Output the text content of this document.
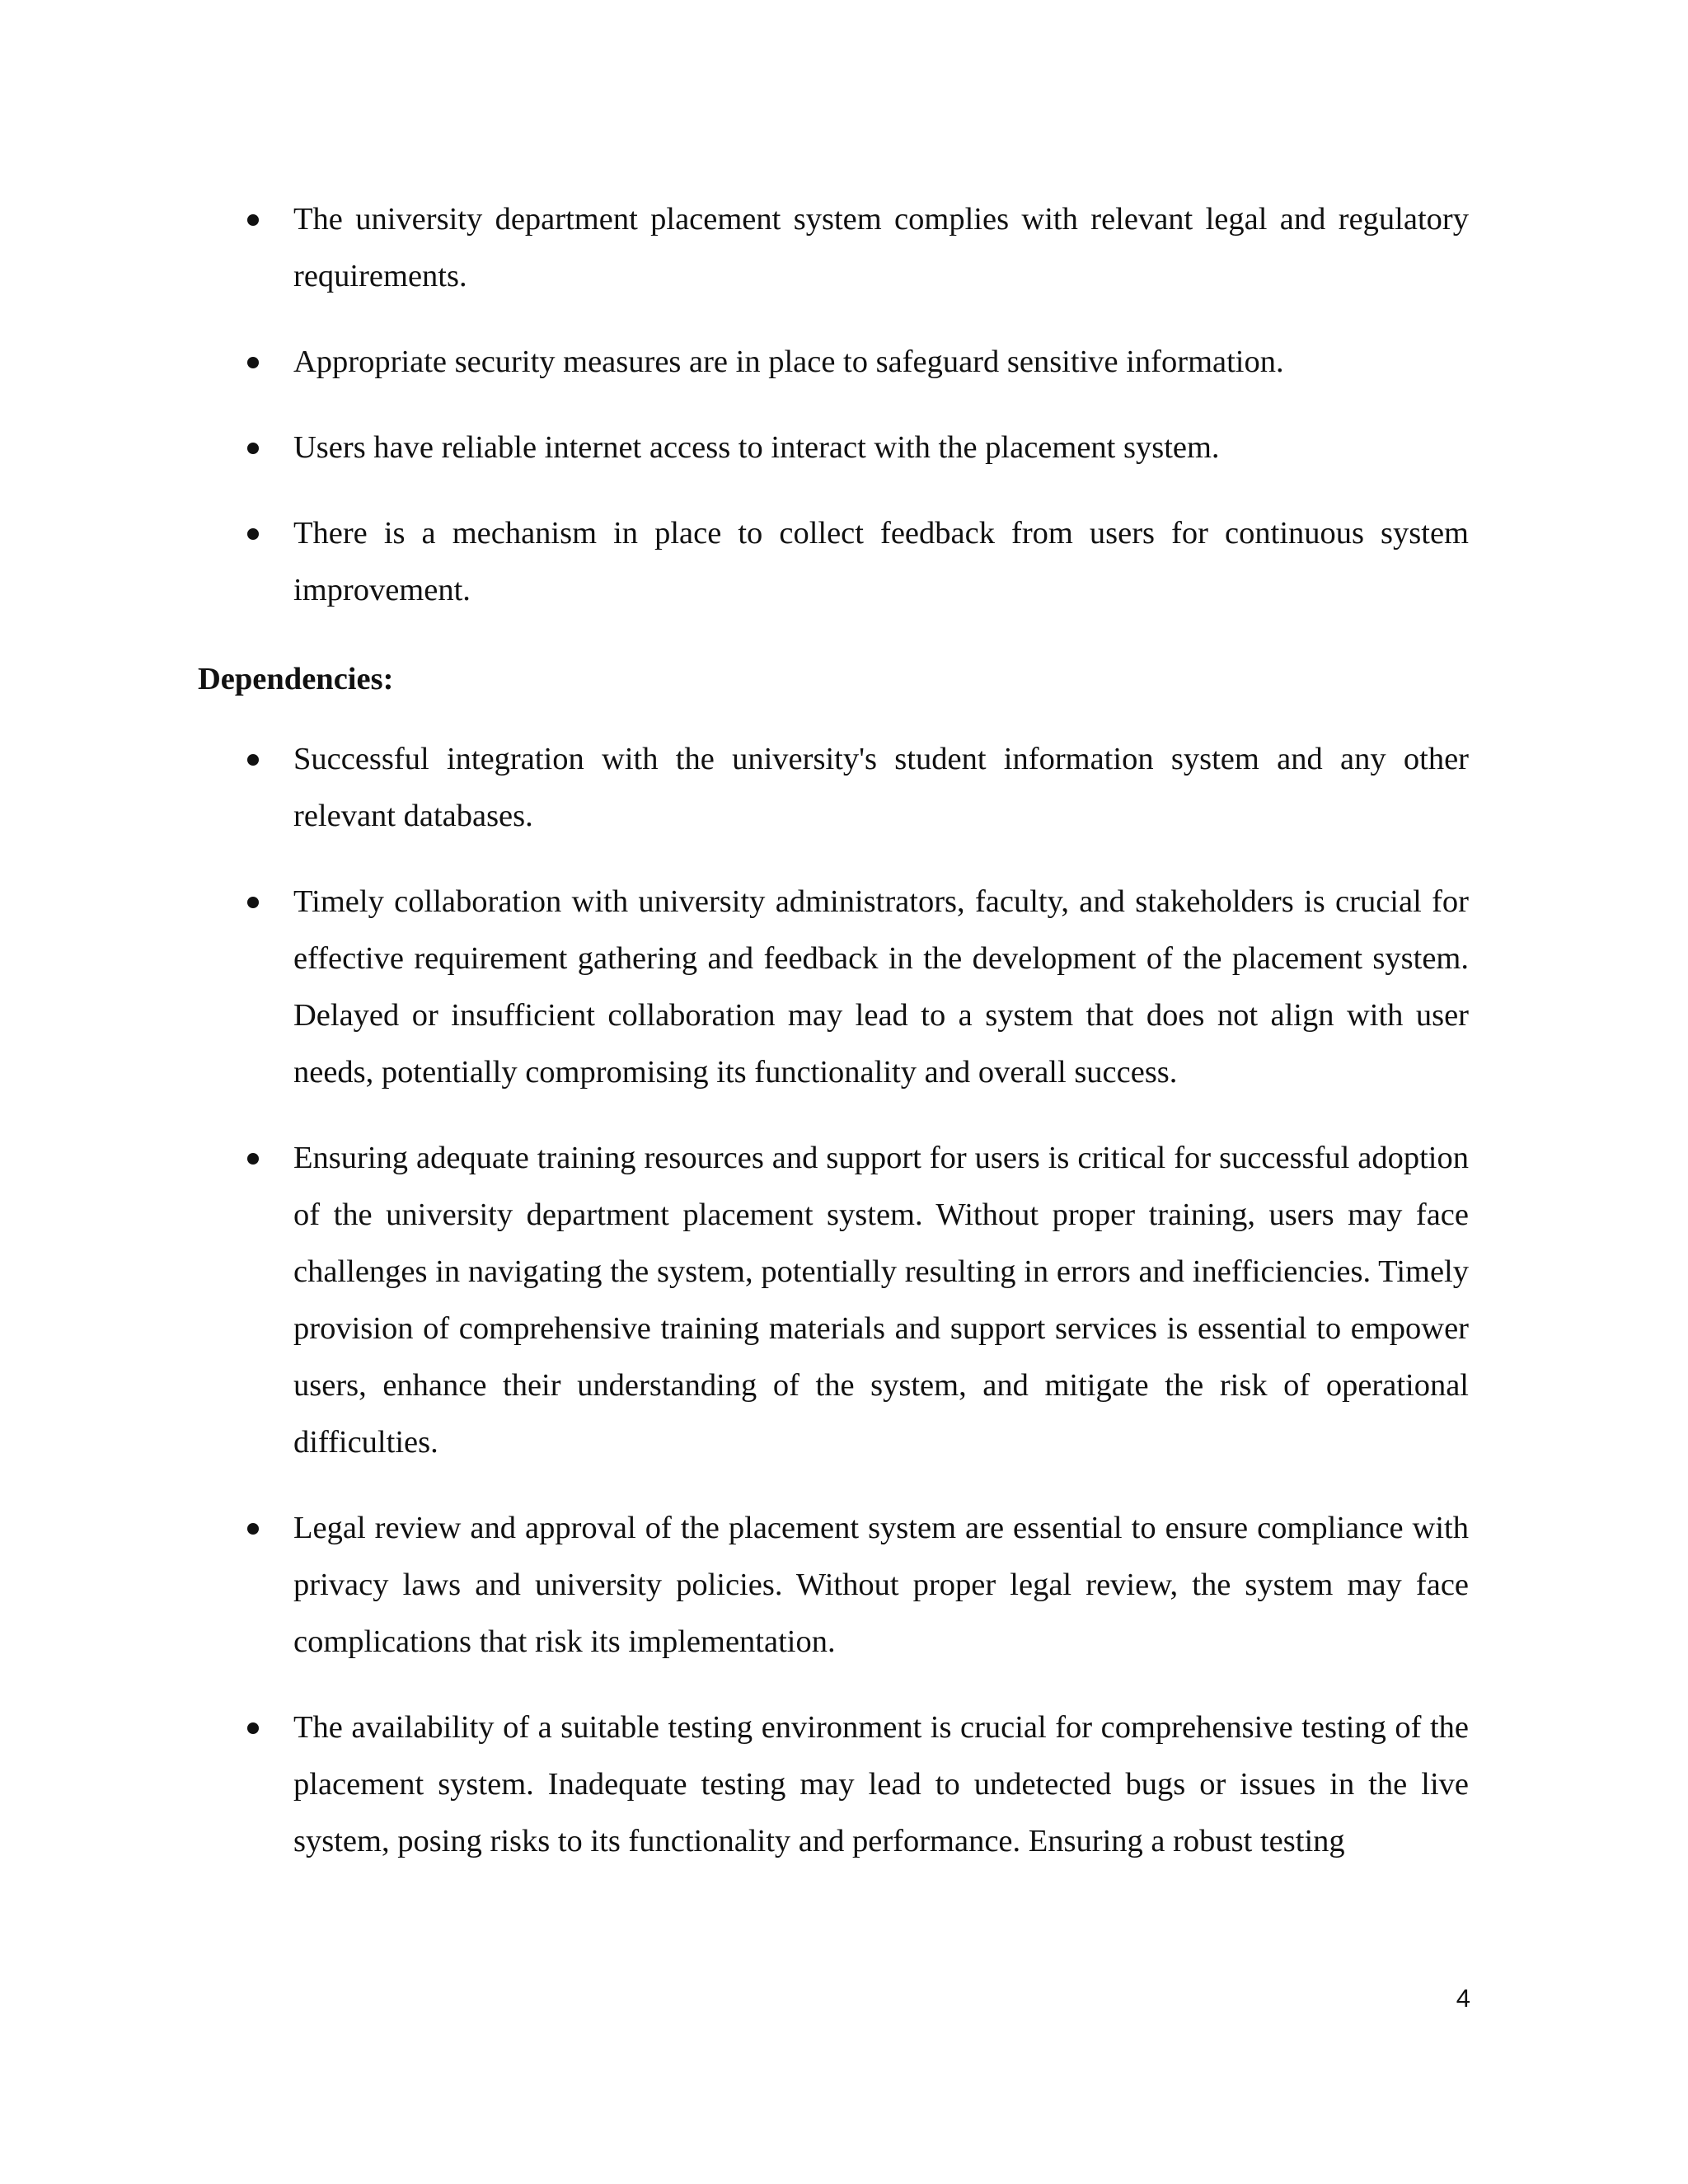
The university department placement system complies with relevant legal and regulatory requirements.
Appropriate security measures are in place to safeguard sensitive information.
Users have reliable internet access to interact with the placement system.
There is a mechanism in place to collect feedback from users for continuous system improvement.
Dependencies:
Successful integration with the university's student information system and any other relevant databases.
Timely collaboration with university administrators, faculty, and stakeholders is crucial for effective requirement gathering and feedback in the development of the placement system. Delayed or insufficient collaboration may lead to a system that does not align with user needs, potentially compromising its functionality and overall success.
Ensuring adequate training resources and support for users is critical for successful adoption of the university department placement system. Without proper training, users may face challenges in navigating the system, potentially resulting in errors and inefficiencies. Timely provision of comprehensive training materials and support services is essential to empower users, enhance their understanding of the system, and mitigate the risk of operational difficulties.
Legal review and approval of the placement system are essential to ensure compliance with privacy laws and university policies. Without proper legal review, the system may face complications that risk its implementation.
The availability of a suitable testing environment is crucial for comprehensive testing of the placement system. Inadequate testing may lead to undetected bugs or issues in the live system, posing risks to its functionality and performance. Ensuring a robust testing
4
